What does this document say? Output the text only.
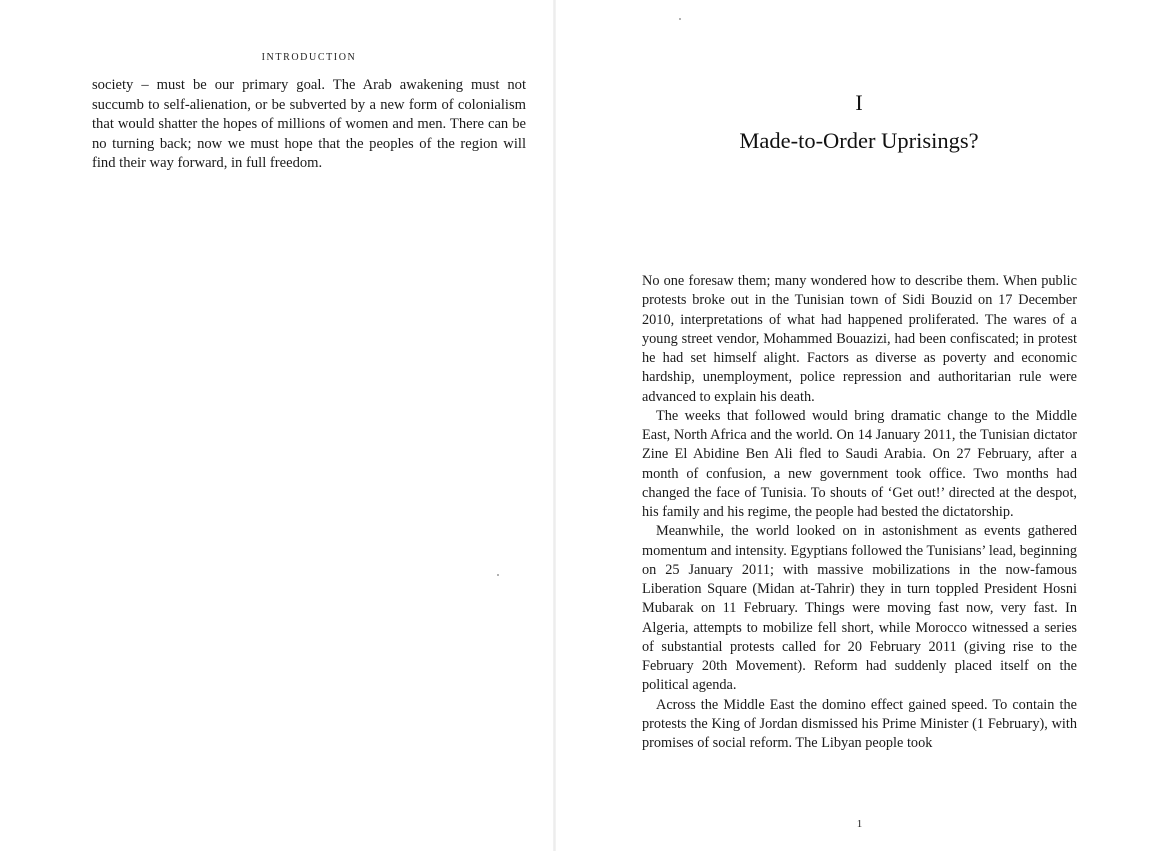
INTRODUCTION

society – must be our primary goal. The Arab awakening must not succumb to self-alienation, or be subverted by a new form of colonialism that would shatter the hopes of millions of women and men. There can be no turning back; now we must hope that the peoples of the region will find their way forward, in full freedom.

I
Made-to-Order Uprisings?

No one foresaw them; many wondered how to describe them. When public protests broke out in the Tunisian town of Sidi Bouzid on 17 December 2010, interpretations of what had happened proliferated. The wares of a young street vendor, Mohammed Bouazizi, had been confiscated; in protest he had set himself alight. Factors as diverse as poverty and economic hardship, unemployment, police repression and authoritarian rule were advanced to explain his death.

The weeks that followed would bring dramatic change to the Middle East, North Africa and the world. On 14 January 2011, the Tunisian dictator Zine El Abidine Ben Ali fled to Saudi Arabia. On 27 February, after a month of confusion, a new government took office. Two months had changed the face of Tunisia. To shouts of ‘Get out!’ directed at the despot, his family and his regime, the people had bested the dictatorship.

Meanwhile, the world looked on in astonishment as events gathered momentum and intensity. Egyptians followed the Tunisians’ lead, beginning on 25 January 2011; with massive mobilizations in the now-famous Liberation Square (Midan at-Tahrir) they in turn toppled President Hosni Mubarak on 11 February. Things were moving fast now, very fast. In Algeria, attempts to mobilize fell short, while Morocco witnessed a series of substantial protests called for 20 February 2011 (giving rise to the February 20th Movement). Reform had suddenly placed itself on the political agenda.

Across the Middle East the domino effect gained speed. To contain the protests the King of Jordan dismissed his Prime Minister (1 February), with promises of social reform. The Libyan people took

1
